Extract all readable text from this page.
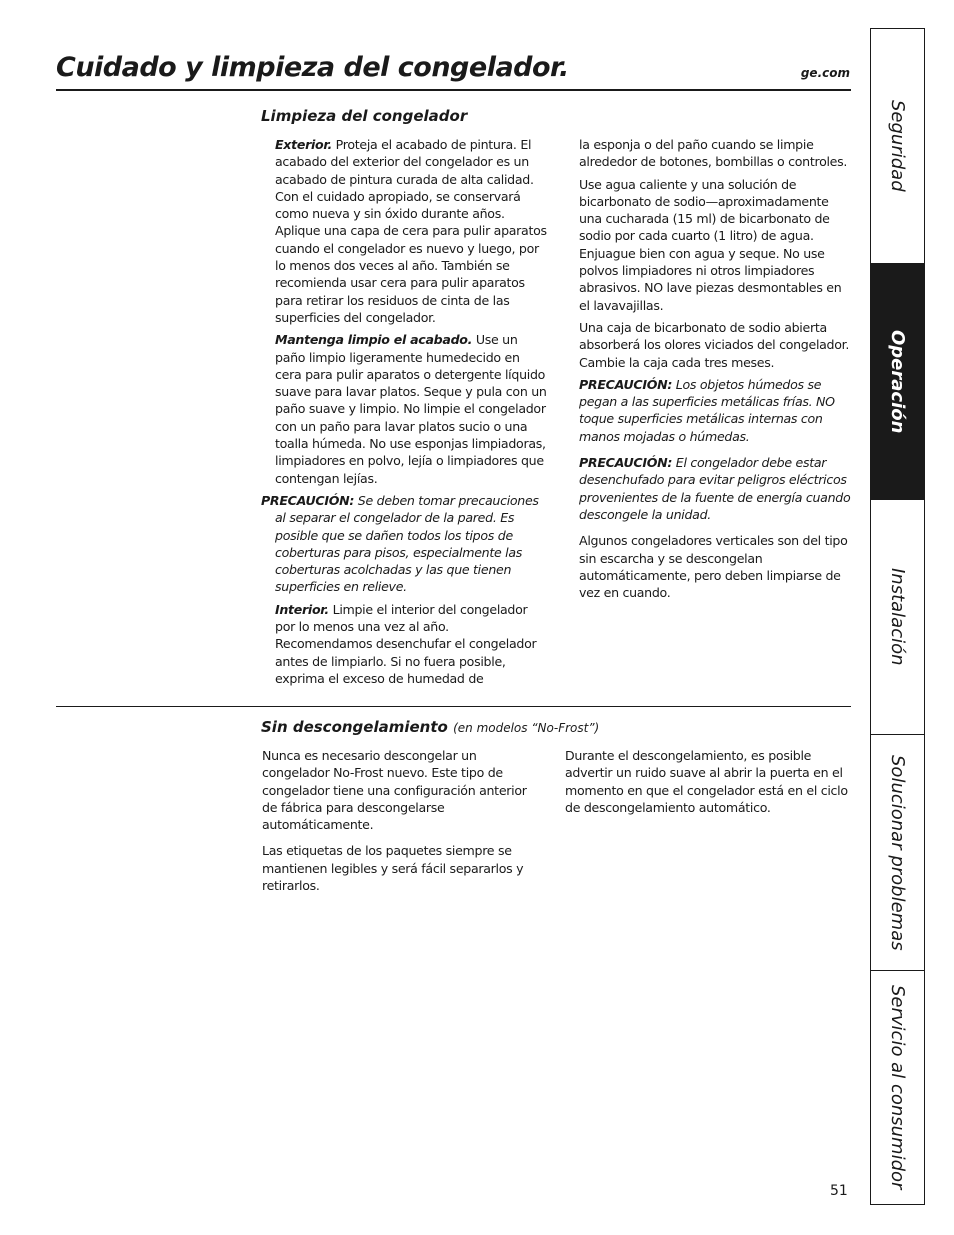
Cuidado y limpieza del congelador.	ge.com
Limpieza del congelador

Exterior. Proteja el acabado de pintura. El acabado del exterior del congelador es un acabado de pintura curada de alta calidad. Con el cuidado apropiado, se conservará como nueva y sin óxido durante años. Aplique una capa de cera para pulir aparatos cuando el congelador es nuevo y luego, por lo menos dos veces al año. También se recomienda usar cera para pulir aparatos para retirar los residuos de cinta de las superficies del congelador.

Mantenga limpio el acabado. Use un paño limpio ligeramente humedecido en cera para pulir aparatos o detergente líquido suave para lavar platos. Seque y pula con un paño suave y limpio. No limpie el congelador con un paño para lavar platos sucio o una toalla húmeda. No use esponjas limpiadoras, limpiadores en polvo, lejía o limpiadores que contengan lejías.

PRECAUCIÓN: Se deben tomar precauciones al separar el congelador de la pared. Es posible que se dañen todos los tipos de coberturas para pisos, especialmente las coberturas acolchadas y las que tienen superficies en relieve.

Interior. Limpie el interior del congelador por lo menos una vez al año. Recomendamos desenchufar el congelador antes de limpiarlo. Si no fuera posible, exprima el exceso de humedad de

la esponja o del paño cuando se limpie alrededor de botones, bombillas o controles.

Use agua caliente y una solución de bicarbonato de sodio—aproximadamente una cucharada (15 ml) de bicarbonato de sodio por cada cuarto (1 litro) de agua. Enjuague bien con agua y seque. No use polvos limpiadores ni otros limpiadores abrasivos. NO lave piezas desmontables en el lavavajillas.

Una caja de bicarbonato de sodio abierta absorberá los olores viciados del congelador. Cambie la caja cada tres meses.

PRECAUCIÓN: Los objetos húmedos se pegan a las superficies metálicas frías. NO toque superficies metálicas internas con manos mojadas o húmedas.

PRECAUCIÓN: El congelador debe estar desenchufado para evitar peligros eléctricos provenientes de la fuente de energía cuando descongele la unidad.

Algunos congeladores verticales son del tipo sin escarcha y se descongelan automáticamente, pero deben limpiarse de vez en cuando.

Sin descongelamiento (en modelos “No-Frost”)

Nunca es necesario descongelar un congelador No-Frost nuevo. Este tipo de congelador tiene una configuración anterior de fábrica para descongelarse automáticamente.

Las etiquetas de los paquetes siempre se mantienen legibles y será fácil separarlos y retirarlos.

Durante el descongelamiento, es posible advertir un ruido suave al abrir la puerta en el momento en que el congelador está en el ciclo de descongelamiento automático.

Seguridad
Operación
Instalación
Solucionar problemas
Servicio al consumidor
51
